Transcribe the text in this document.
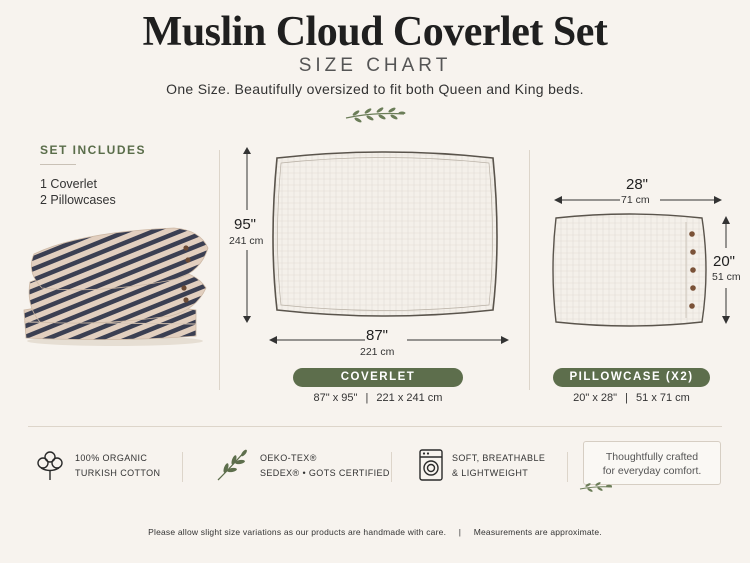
Muslin Cloud Coverlet Set
SIZE CHART
One Size. Beautifully oversized to fit both Queen and King beds.
SET INCLUDES
1 Coverlet
2 Pillowcases
95"
241 cm
87"
221 cm
COVERLET
87" x 95" | 221 x 241 cm
28"
71 cm
20"
51 cm
PILLOWCASE (X2)
20" x 28" | 51 x 71 cm
100% ORGANIC
TURKISH COTTON
OEKO-TEX®
SEDEX® • GOTS CERTIFIED
SOFT, BREATHABLE
& LIGHTWEIGHT
Thoughtfully crafted
for everyday comfort.
Please allow slight size variations as our products are handmade with care. | Measurements are approximate.
